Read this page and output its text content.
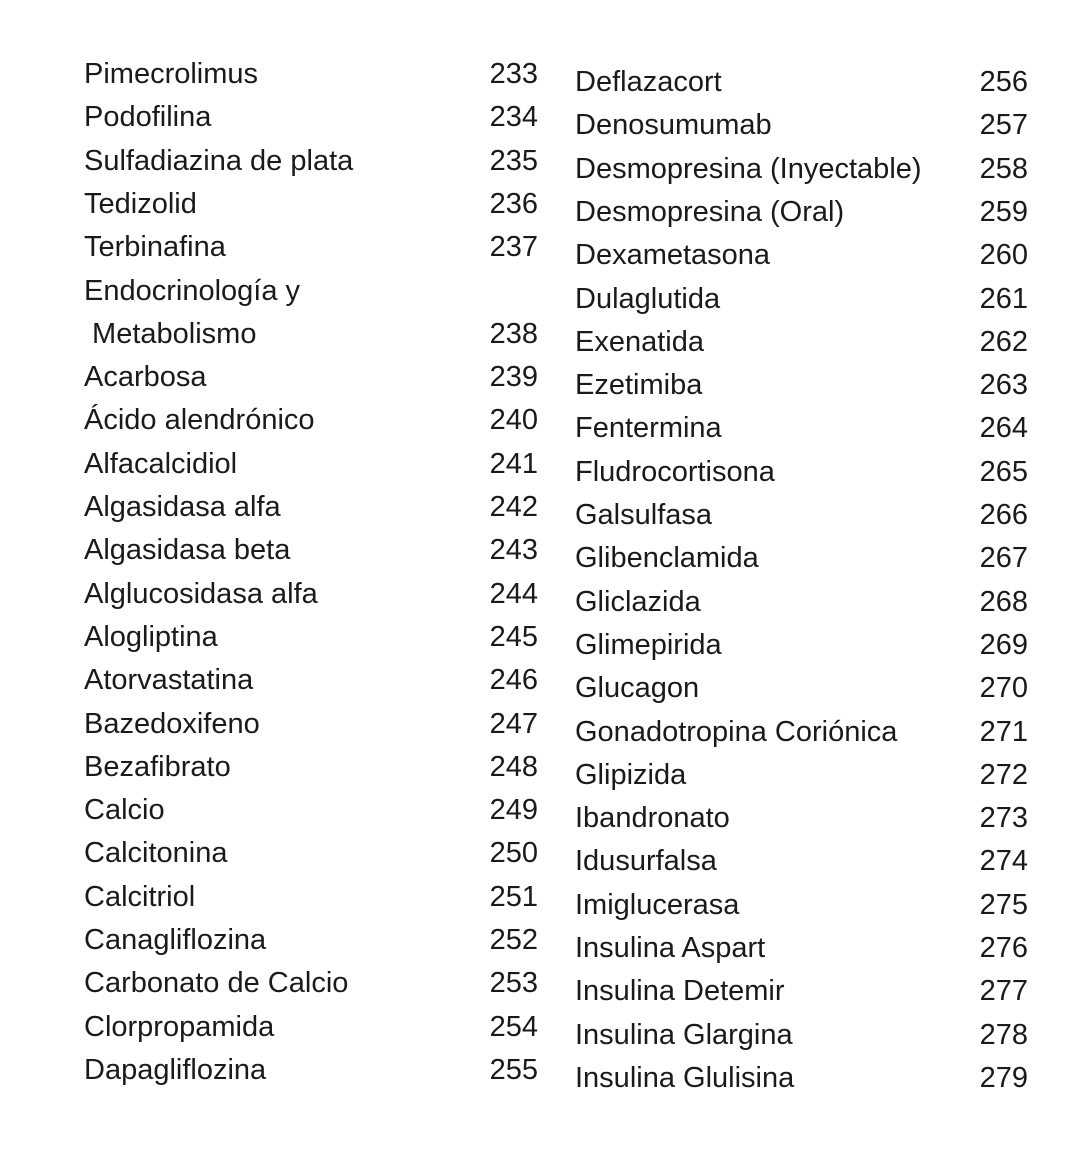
Pimecrolimus	233
Podofilina	234
Sulfadiazina de plata	235
Tedizolid	236
Terbinafina	237
Endocrinología y
Metabolismo	238
Acarbosa	239
Ácido alendrónico	240
Alfacalcidiol	241
Algasidasa alfa	242
Algasidasa beta	243
Alglucosidasa alfa	244
Alogliptina	245
Atorvastatina	246
Bazedoxifeno	247
Bezafibrato	248
Calcio	249
Calcitonina	250
Calcitriol	251
Canagliflozina	252
Carbonato de Calcio	253
Clorpropamida	254
Dapagliflozina	255
Deflazacort	256
Denosumumab	257
Desmopresina (Inyectable)	258
Desmopresina (Oral)	259
Dexametasona	260
Dulaglutida	261
Exenatida	262
Ezetimiba	263
Fentermina	264
Fludrocortisona	265
Galsulfasa	266
Glibenclamida	267
Gliclazida	268
Glimepirida	269
Glucagon	270
Gonadotropina Coriónica	271
Glipizida	272
Ibandronato	273
Idusurfalsa	274
Imiglucerasa	275
Insulina Aspart	276
Insulina Detemir	277
Insulina Glargina	278
Insulina Glulisina	279
